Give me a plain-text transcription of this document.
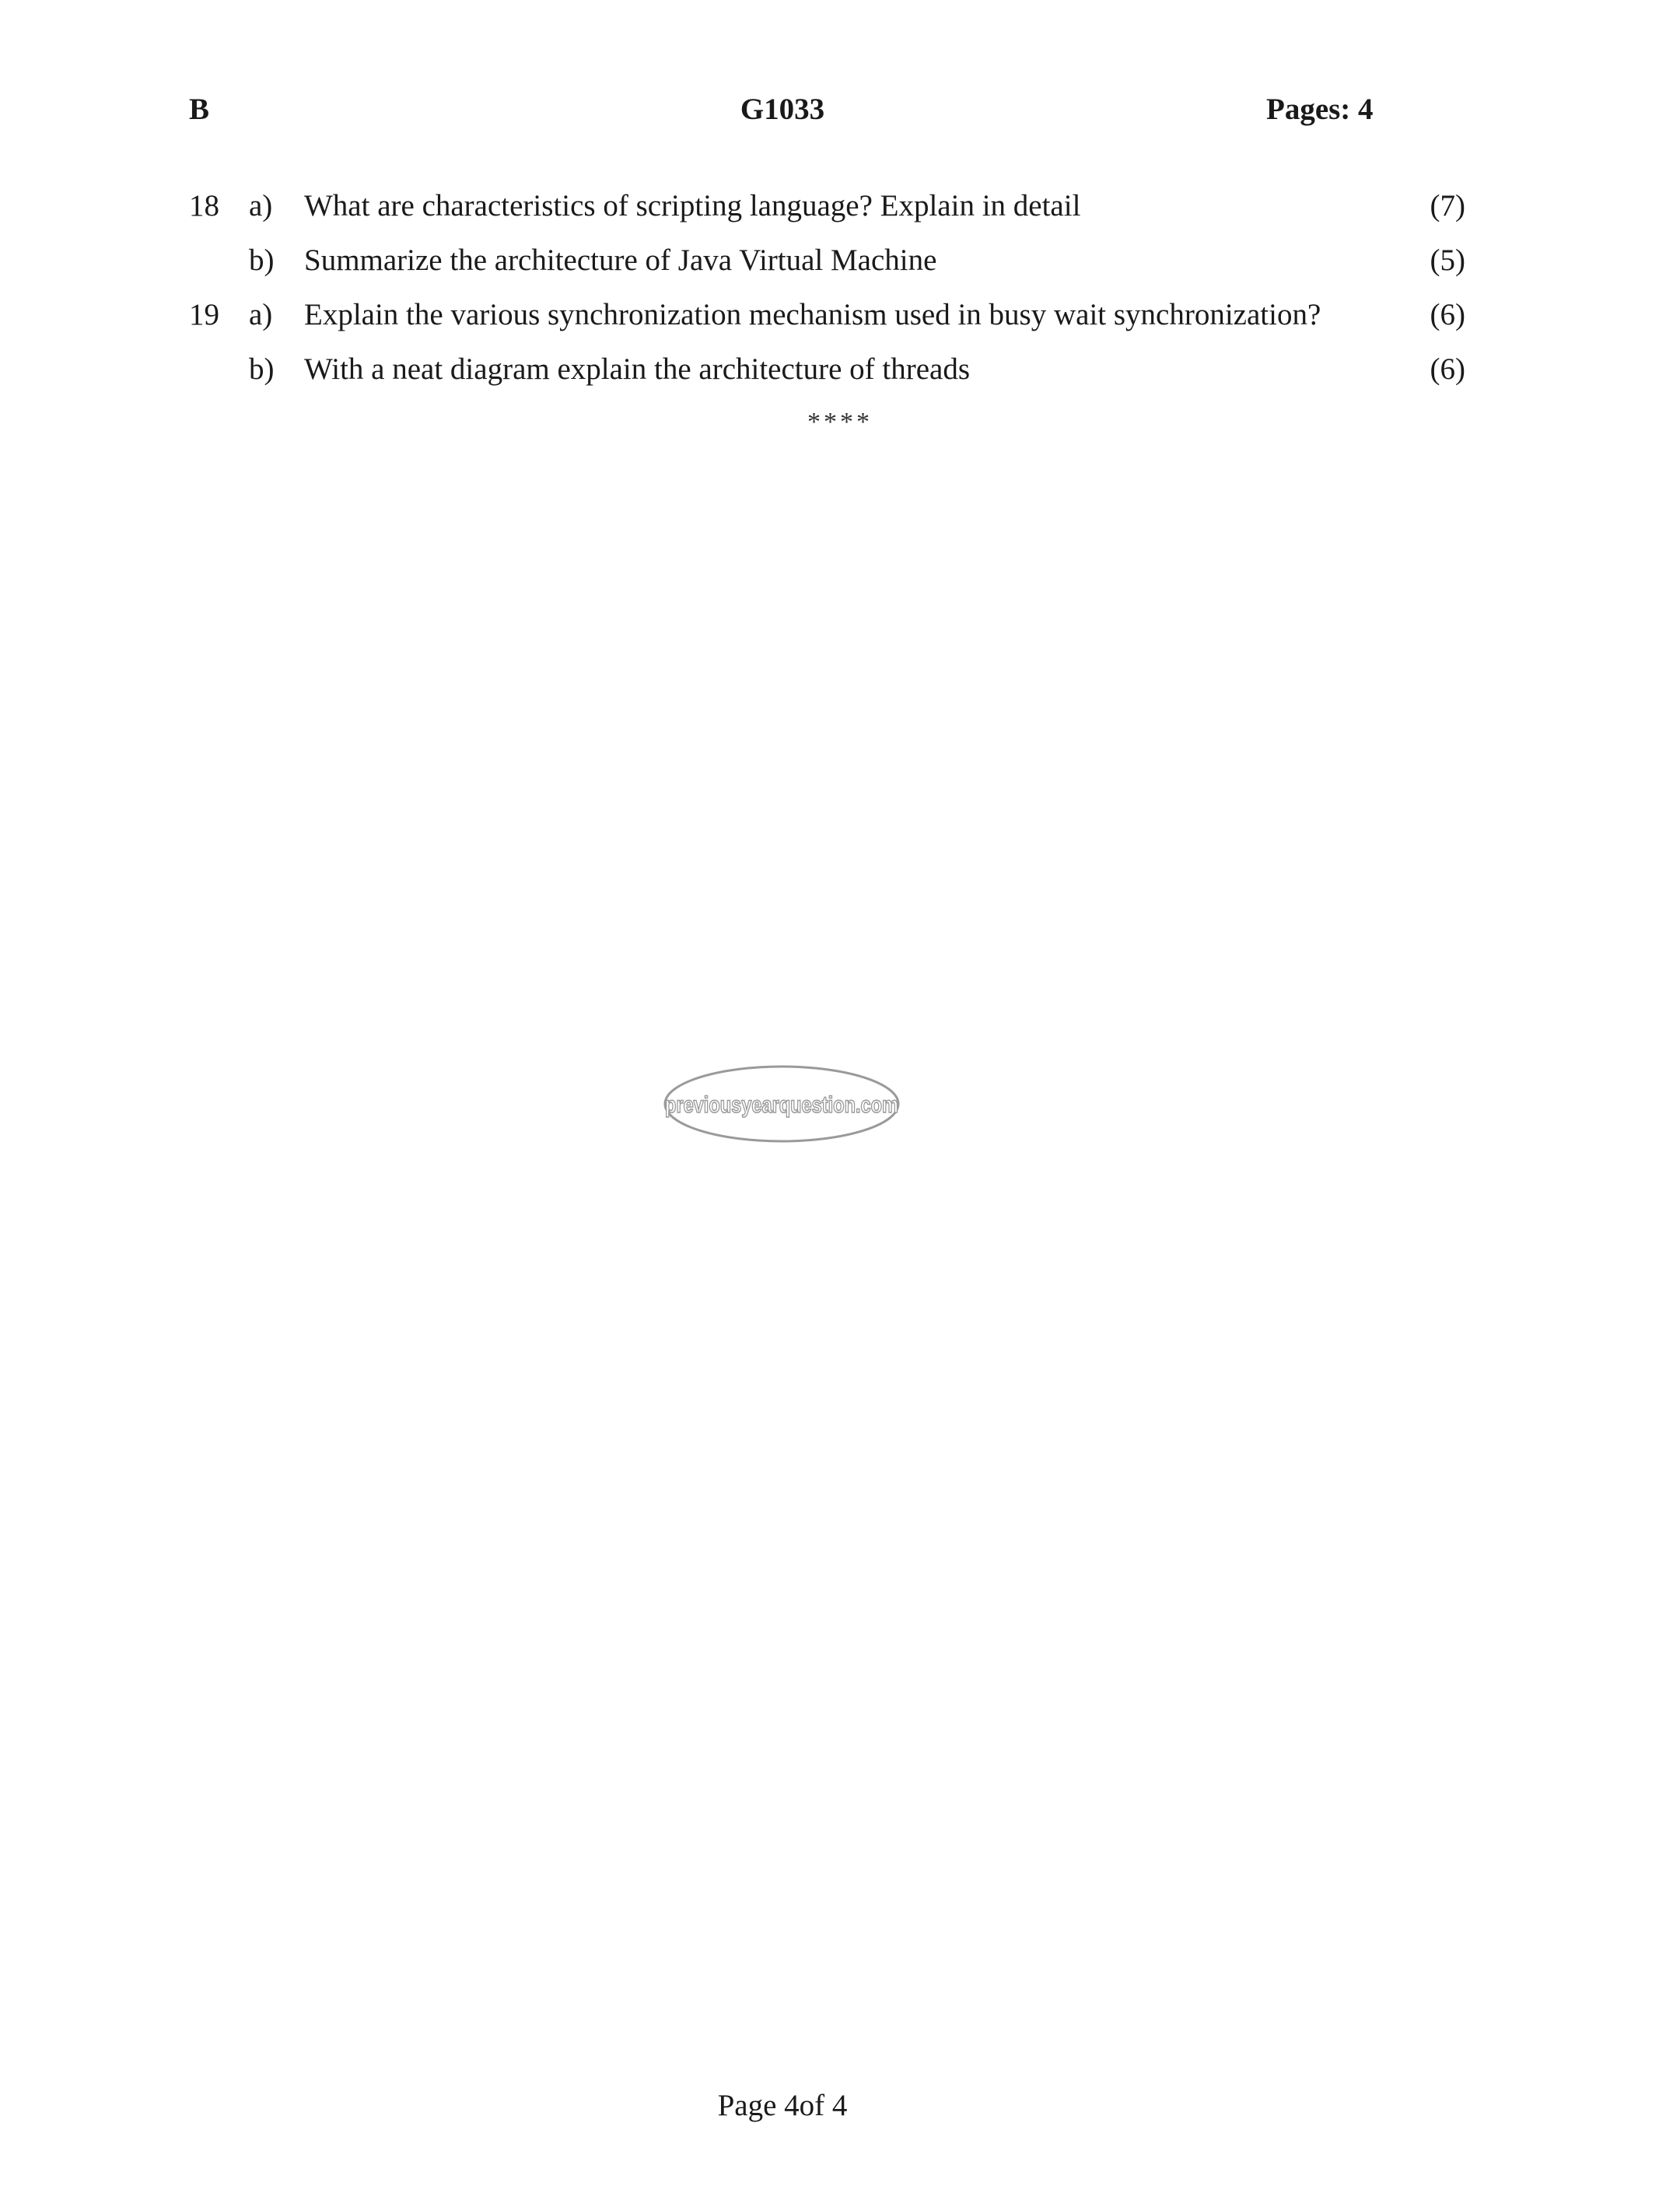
B	G1033	Pages: 4
18 a) What are characteristics of scripting language? Explain in detail	(7)
b) Summarize the architecture of Java Virtual Machine	(5)
19 a) Explain the various synchronization mechanism used in busy wait synchronization?	(6)
b) With a neat diagram explain the architecture of threads	(6)
****
previousyearquestion.com
Page 4of 4
